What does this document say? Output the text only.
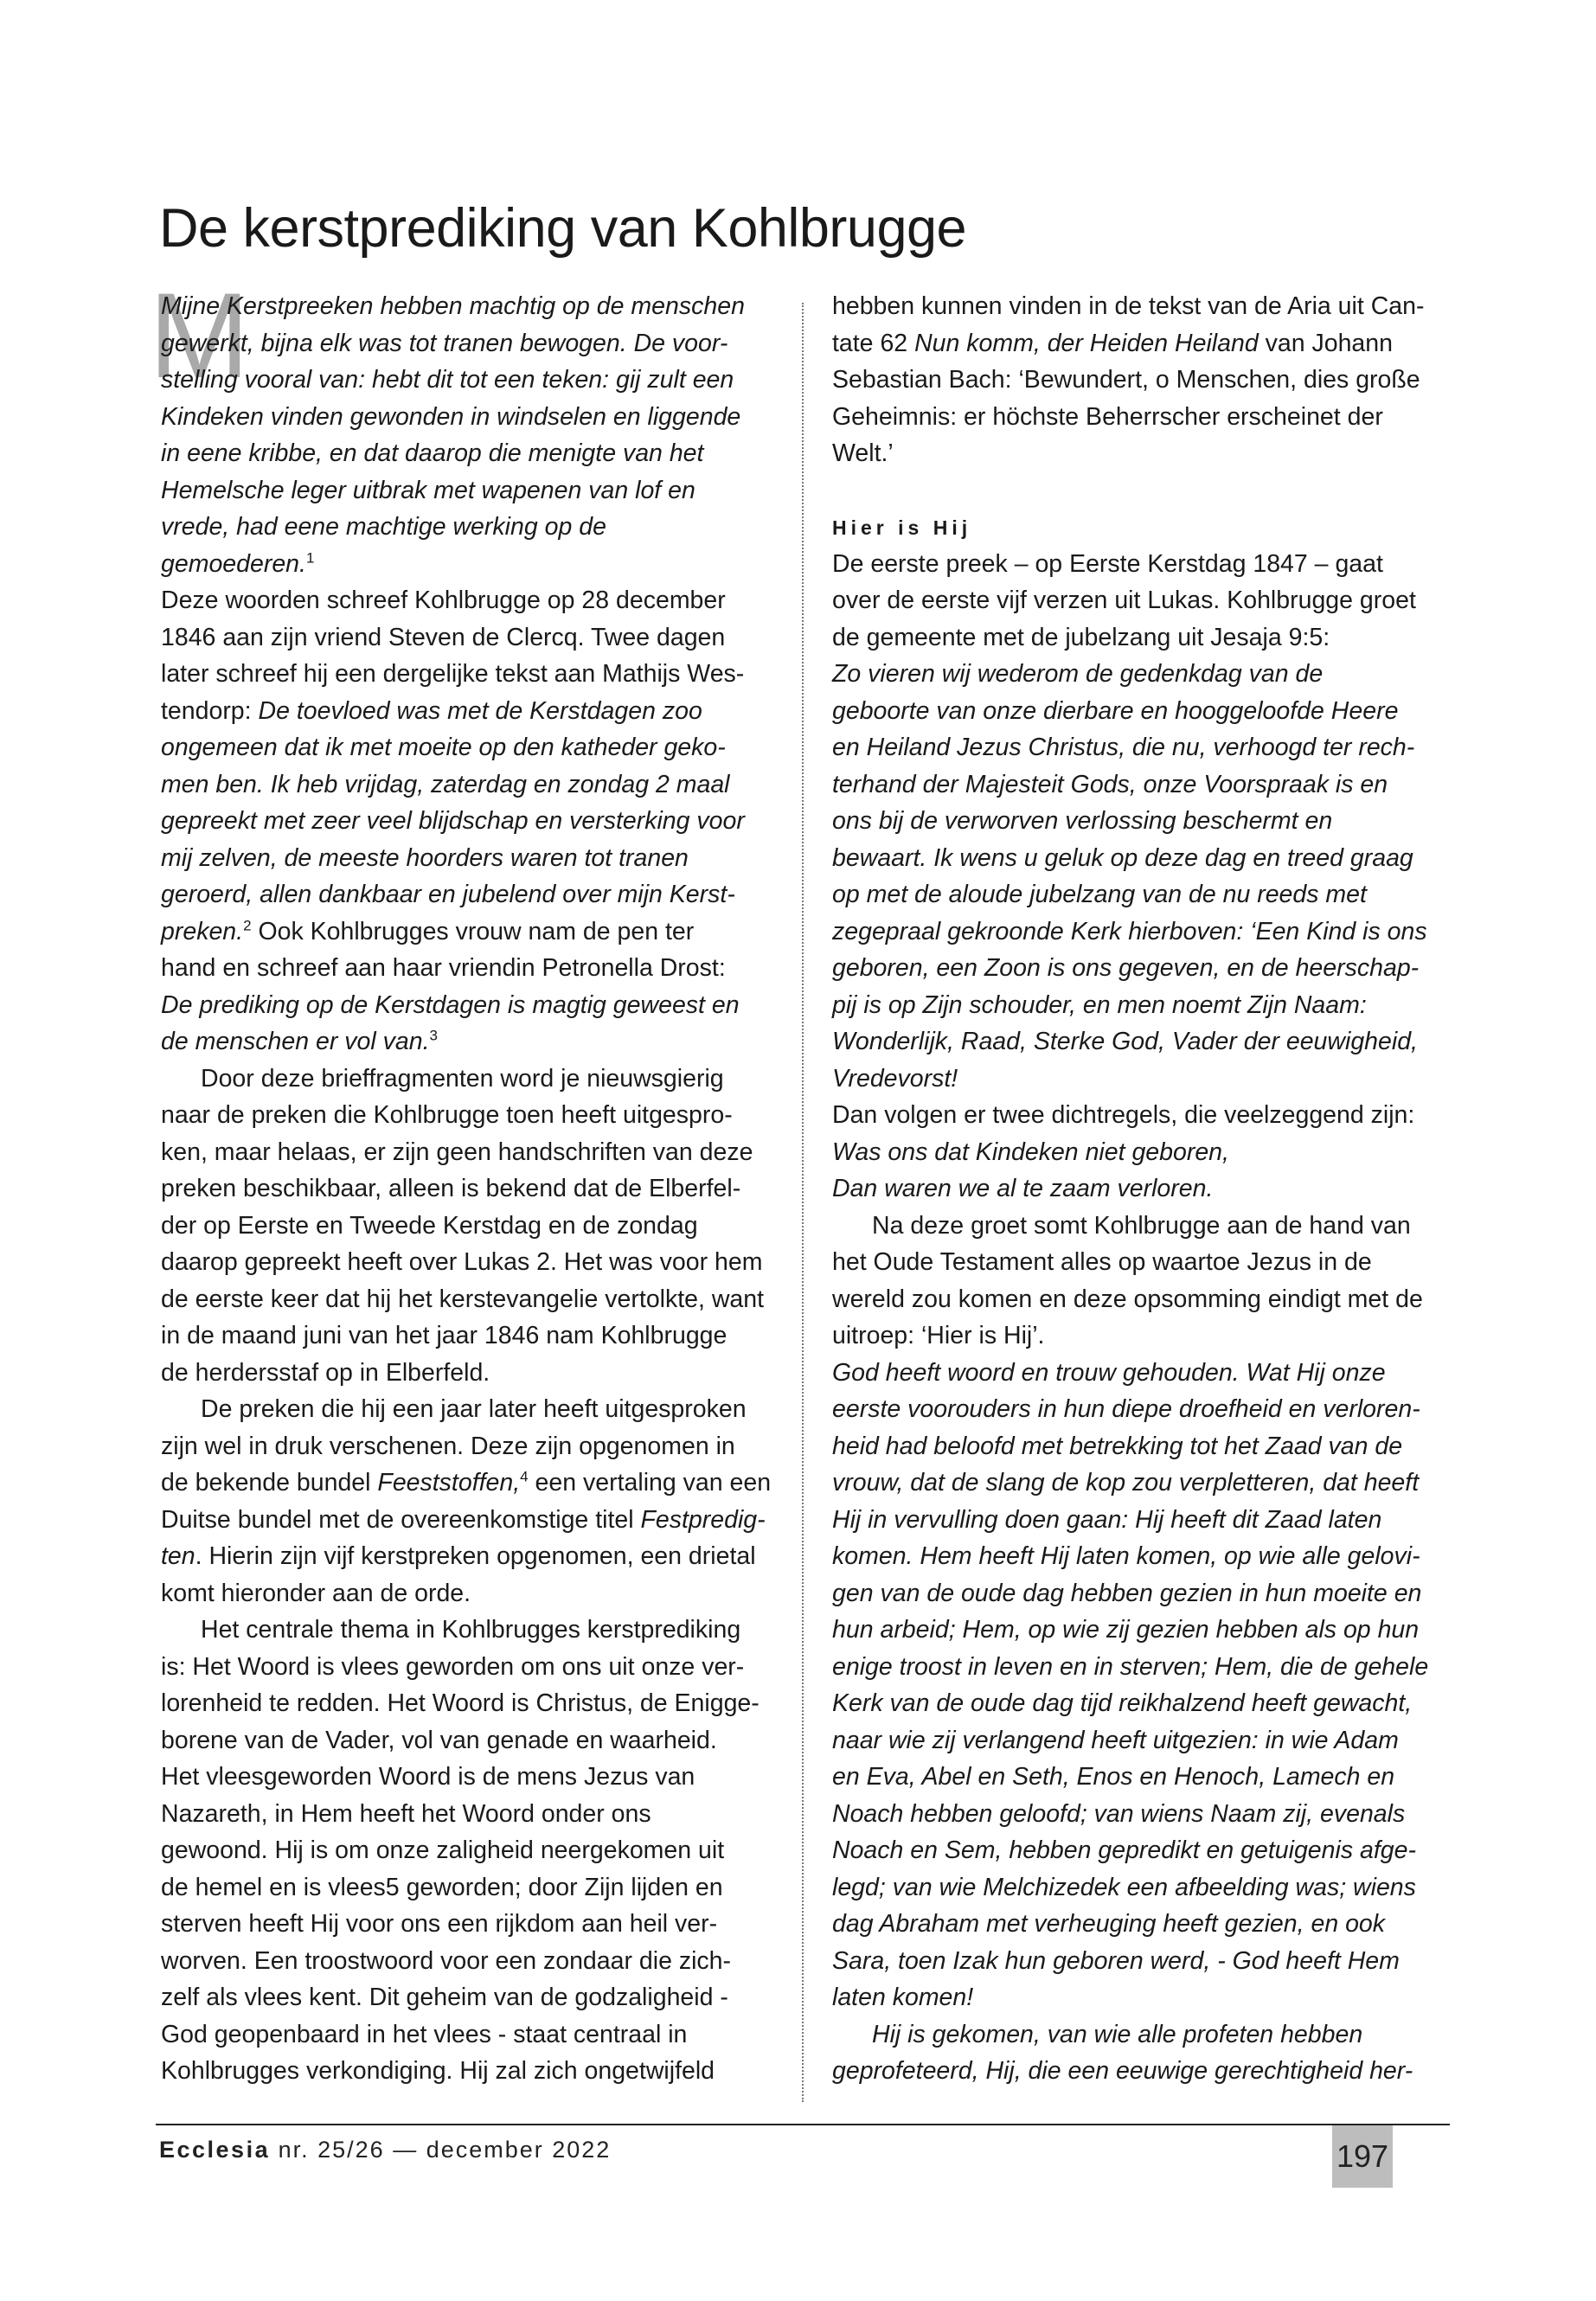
De kerstprediking van Kohlbrugge
M
Mijne Kerstpreeken hebben machtig op de menschen
gewerkt, bijna elk was tot tranen bewogen. De voor-
stelling vooral van: hebt dit tot een teken: gij zult een
Kindeken vinden gewonden in windselen en liggende
in eene kribbe, en dat daarop die menigte van het
Hemelsche leger uitbrak met wapenen van lof en
vrede, had eene machtige werking op de
gemoederen.$^1$
Deze woorden schreef Kohlbrugge op 28 december
1846 aan zijn vriend Steven de Clercq. Twee dagen
later schreef hij een dergelijke tekst aan Mathijs Wes-
tendorp: De toevloed was met de Kerstdagen zoo
ongemeen dat ik met moeite op den katheder geko-
men ben. Ik heb vrijdag, zaterdag en zondag 2 maal
gepreekt met zeer veel blijdschap en versterking voor
mij zelven, de meeste hoorders waren tot tranen
geroerd, allen dankbaar en jubelend over mijn Kerst-
preken.$^2$ Ook Kohlbrugges vrouw nam de pen ter
hand en schreef aan haar vriendin Petronella Drost:
De prediking op de Kerstdagen is magtig geweest en
de menschen er vol van.$^3$
Door deze brieffragmenten word je nieuwsgierig
naar de preken die Kohlbrugge toen heeft uitgespro-
ken, maar helaas, er zijn geen handschriften van deze
preken beschikbaar, alleen is bekend dat de Elberfel-
der op Eerste en Tweede Kerstdag en de zondag
daarop gepreekt heeft over Lukas 2. Het was voor hem
de eerste keer dat hij het kerstevangelie vertolkte, want
in de maand juni van het jaar 1846 nam Kohlbrugge
de herdersstaf op in Elberfeld.
De preken die hij een jaar later heeft uitgesproken
zijn wel in druk verschenen. Deze zijn opgenomen in
de bekende bundel Feeststoffen,$^4$ een vertaling van een
Duitse bundel met de overeenkomstige titel Festpredig-
ten. Hierin zijn vijf kerstpreken opgenomen, een drietal
komt hieronder aan de orde.
Het centrale thema in Kohlbrugges kerstprediking
is: Het Woord is vlees geworden om ons uit onze ver-
lorenheid te redden. Het Woord is Christus, de Enigge-
borene van de Vader, vol van genade en waarheid.
Het vleesgeworden Woord is de mens Jezus van
Nazareth, in Hem heeft het Woord onder ons
gewoond. Hij is om onze zaligheid neergekomen uit
de hemel en is vlees5 geworden; door Zijn lijden en
sterven heeft Hij voor ons een rijkdom aan heil ver-
worven. Een troostwoord voor een zondaar die zich-
zelf als vlees kent. Dit geheim van de godzaligheid -
God geopenbaard in het vlees - staat centraal in
Kohlbrugges verkondiging. Hij zal zich ongetwijfeld
hebben kunnen vinden in de tekst van de Aria uit Can-
tate 62 Nun komm, der Heiden Heiland van Johann
Sebastian Bach: ‘Bewundert, o Menschen, dies große
Geheimnis: er höchste Beherrscher erscheinet der
Welt.’
Hier is Hij
De eerste preek – op Eerste Kerstdag 1847 – gaat
over de eerste vijf verzen uit Lukas. Kohlbrugge groet
de gemeente met de jubelzang uit Jesaja 9:5:
Zo vieren wij wederom de gedenkdag van de
geboorte van onze dierbare en hooggeloofde Heere
en Heiland Jezus Christus, die nu, verhoogd ter rech-
terhand der Majesteit Gods, onze Voorspraak is en
ons bij de verworven verlossing beschermt en
bewaart. Ik wens u geluk op deze dag en treed graag
op met de aloude jubelzang van de nu reeds met
zegepraal gekroonde Kerk hierboven: ‘Een Kind is ons
geboren, een Zoon is ons gegeven, en de heerschap-
pij is op Zijn schouder, en men noemt Zijn Naam:
Wonderlijk, Raad, Sterke God, Vader der eeuwigheid,
Vredevorst!
Dan volgen er twee dichtregels, die veelzeggend zijn:
Was ons dat Kindeken niet geboren,
Dan waren we al te zaam verloren.
Na deze groet somt Kohlbrugge aan de hand van
het Oude Testament alles op waartoe Jezus in de
wereld zou komen en deze opsomming eindigt met de
uitroep: ‘Hier is Hij’.
God heeft woord en trouw gehouden. Wat Hij onze
eerste voorouders in hun diepe droefheid en verloren-
heid had beloofd met betrekking tot het Zaad van de
vrouw, dat de slang de kop zou verpletteren, dat heeft
Hij in vervulling doen gaan: Hij heeft dit Zaad laten
komen. Hem heeft Hij laten komen, op wie alle gelovi-
gen van de oude dag hebben gezien in hun moeite en
hun arbeid; Hem, op wie zij gezien hebben als op hun
enige troost in leven en in sterven; Hem, die de gehele
Kerk van de oude dag tijd reikhalzend heeft gewacht,
naar wie zij verlangend heeft uitgezien: in wie Adam
en Eva, Abel en Seth, Enos en Henoch, Lamech en
Noach hebben geloofd; van wiens Naam zij, evenals
Noach en Sem, hebben gepredikt en getuigenis afge-
legd; van wie Melchizedek een afbeelding was; wiens
dag Abraham met verheuging heeft gezien, en ook
Sara, toen Izak hun geboren werd, - God heeft Hem
laten komen!
Hij is gekomen, van wie alle profeten hebben
geprofeteerd, Hij, die een eeuwige gerechtigheid her-
Ecclesia nr. 25/26 — december 2022	197
